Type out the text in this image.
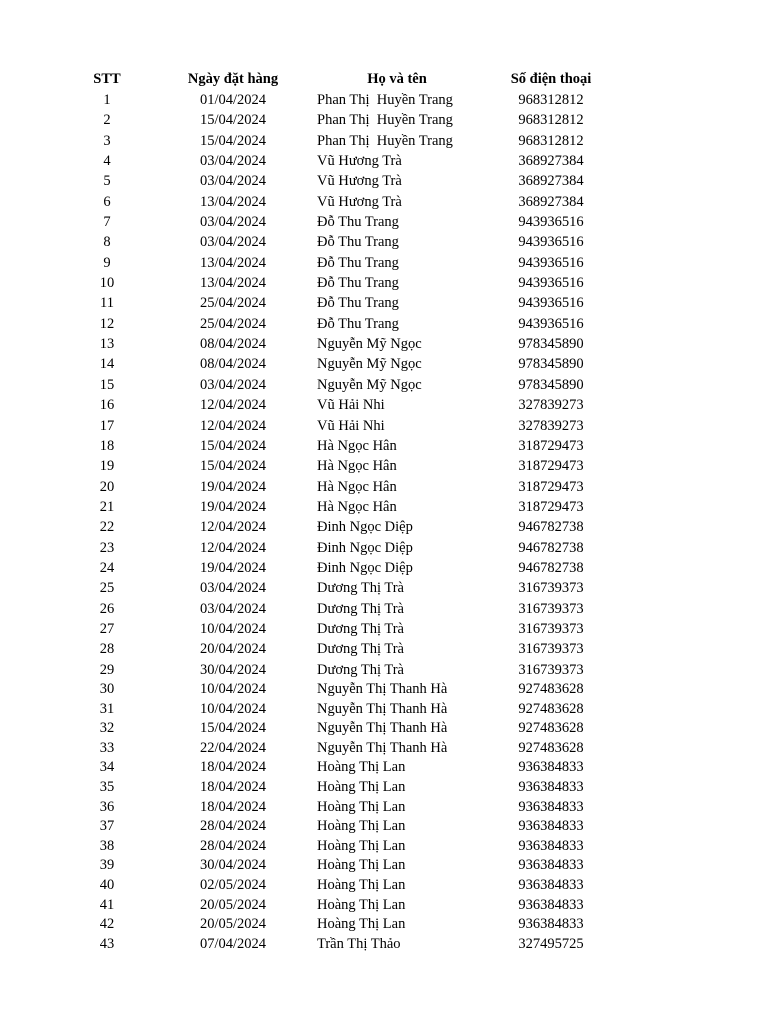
STT	Ngày đặt hàng	Họ và tên	Số điện thoại
1	01/04/2024	Phan Thị  Huyền Trang	968312812
2	15/04/2024	Phan Thị  Huyền Trang	968312812
3	15/04/2024	Phan Thị  Huyền Trang	968312812
4	03/04/2024	Vũ Hương Trà	368927384
5	03/04/2024	Vũ Hương Trà	368927384
6	13/04/2024	Vũ Hương Trà	368927384
7	03/04/2024	Đỗ Thu Trang	943936516
8	03/04/2024	Đỗ Thu Trang	943936516
9	13/04/2024	Đỗ Thu Trang	943936516
10	13/04/2024	Đỗ Thu Trang	943936516
11	25/04/2024	Đỗ Thu Trang	943936516
12	25/04/2024	Đỗ Thu Trang	943936516
13	08/04/2024	Nguyễn Mỹ Ngọc	978345890
14	08/04/2024	Nguyễn Mỹ Ngọc	978345890
15	03/04/2024	Nguyễn Mỹ Ngọc	978345890
16	12/04/2024	Vũ Hải Nhi	327839273
17	12/04/2024	Vũ Hải Nhi	327839273
18	15/04/2024	Hà Ngọc Hân	318729473
19	15/04/2024	Hà Ngọc Hân	318729473
20	19/04/2024	Hà Ngọc Hân	318729473
21	19/04/2024	Hà Ngọc Hân	318729473
22	12/04/2024	Đinh Ngọc Diệp	946782738
23	12/04/2024	Đinh Ngọc Diệp	946782738
24	19/04/2024	Đinh Ngọc Diệp	946782738
25	03/04/2024	Dương Thị Trà	316739373
26	03/04/2024	Dương Thị Trà	316739373
27	10/04/2024	Dương Thị Trà	316739373
28	20/04/2024	Dương Thị Trà	316739373
29	30/04/2024	Dương Thị Trà	316739373
30	10/04/2024	Nguyễn Thị Thanh Hà	927483628
31	10/04/2024	Nguyễn Thị Thanh Hà	927483628
32	15/04/2024	Nguyễn Thị Thanh Hà	927483628
33	22/04/2024	Nguyễn Thị Thanh Hà	927483628
34	18/04/2024	Hoàng Thị Lan	936384833
35	18/04/2024	Hoàng Thị Lan	936384833
36	18/04/2024	Hoàng Thị Lan	936384833
37	28/04/2024	Hoàng Thị Lan	936384833
38	28/04/2024	Hoàng Thị Lan	936384833
39	30/04/2024	Hoàng Thị Lan	936384833
40	02/05/2024	Hoàng Thị Lan	936384833
41	20/05/2024	Hoàng Thị Lan	936384833
42	20/05/2024	Hoàng Thị Lan	936384833
43	07/04/2024	Trần Thị Thảo	327495725
